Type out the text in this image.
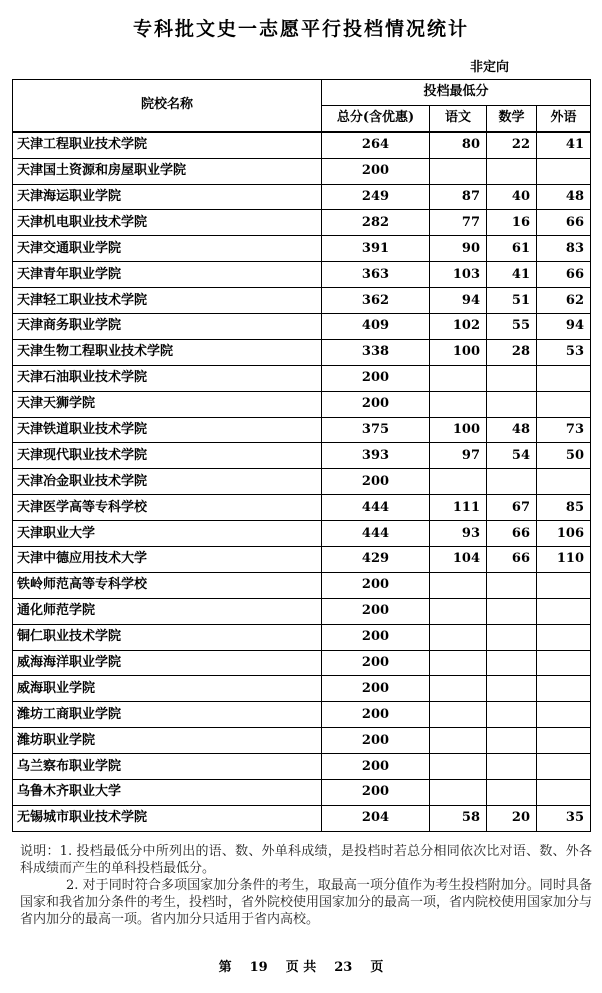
专科批文史一志愿平行投档情况统计
非定向
院校名称	投档最低分			
	总分(含优惠)	语文	数学	外语
天津工程职业技术学院	264	80	22	41
天津国土资源和房屋职业学院	200			
天津海运职业学院	249	87	40	48
天津机电职业技术学院	282	77	16	66
天津交通职业学院	391	90	61	83
天津青年职业学院	363	103	41	66
天津轻工职业技术学院	362	94	51	62
天津商务职业学院	409	102	55	94
天津生物工程职业技术学院	338	100	28	53
天津石油职业技术学院	200			
天津天狮学院	200			
天津铁道职业技术学院	375	100	48	73
天津现代职业技术学院	393	97	54	50
天津冶金职业技术学院	200			
天津医学高等专科学校	444	111	67	85
天津职业大学	444	93	66	106
天津中德应用技术大学	429	104	66	110
铁岭师范高等专科学校	200			
通化师范学院	200			
铜仁职业技术学院	200			
威海海洋职业学院	200			
威海职业学院	200			
潍坊工商职业学院	200			
潍坊职业学院	200			
乌兰察布职业学院	200			
乌鲁木齐职业大学	200			
无锡城市职业技术学院	204	58	20	35

说明：1. 投档最低分中所列出的语、数、外单科成绩，是投档时若总分相同依次比对语、数、外各科成绩而产生的单科投档最低分。

2. 对于同时符合多项国家加分条件的考生，取最高一项分值作为考生投档附加分。同时具备国家和我省加分条件的考生，投档时，省外院校使用国家加分的最高一项，省内院校使用国家加分与省内加分的最高一项。省内加分只适用于省内高校。

第 19 页 共 23 页
